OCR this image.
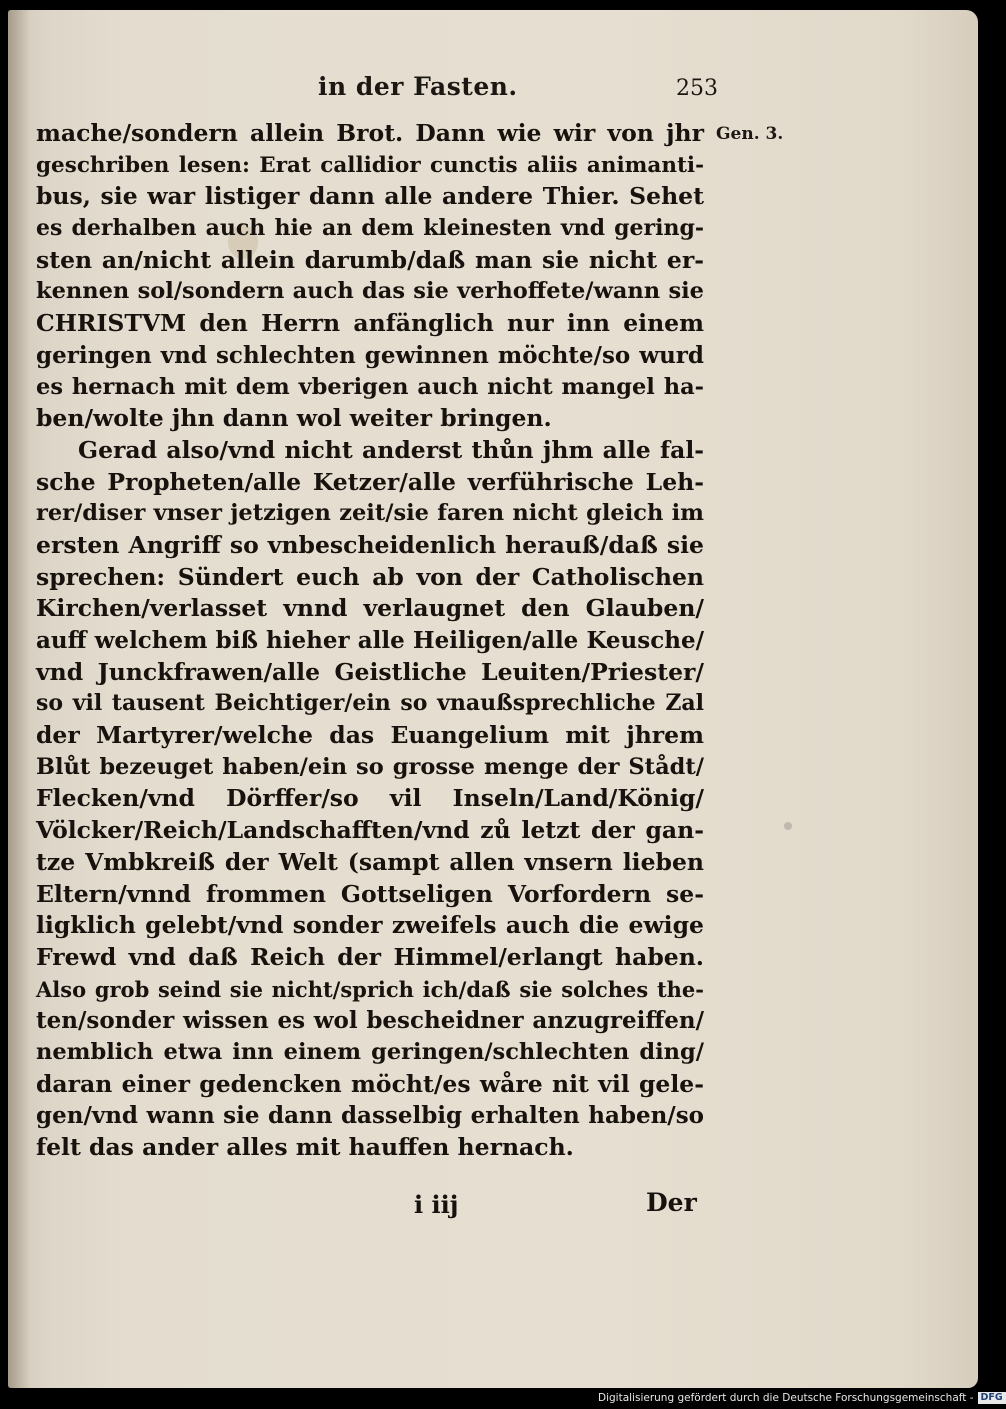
in der Fasten.	253
Gen. 3.
mache/sondern allein Brot. Dann wie wir von jhr
geschriben lesen: Erat callidior cunctis aliis animanti-
bus, sie war listiger dann alle andere Thier. Sehet
es derhalben auch hie an dem kleinesten vnd gering-
sten an/nicht allein darumb/daß man sie nicht er-
kennen sol/sondern auch das sie verhoffete/wann sie
CHRISTVM den Herrn anfänglich nur inn einem
geringen vnd schlechten gewinnen möchte/so wurd
es hernach mit dem vberigen auch nicht mangel ha-
ben/wolte jhn dann wol weiter bringen.
Gerad also/vnd nicht anderst thůn jhm alle fal-
sche Propheten/alle Ketzer/alle verführische Leh-
rer/diser vnser jetzigen zeit/sie faren nicht gleich im
ersten Angriff so vnbescheidenlich herauß/daß sie
sprechen: Sündert euch ab von der Catholischen
Kirchen/verlasset vnnd verlaugnet den Glauben/
auff welchem biß hieher alle Heiligen/alle Keusche/
vnd Junckfrawen/alle Geistliche Leuiten/Priester/
so vil tausent Beichtiger/ein so vnaußsprechliche Zal
der Martyrer/welche das Euangelium mit jhrem
Blůt bezeuget haben/ein so grosse menge der Stådt/
Flecken/vnd Dörffer/so vil Inseln/Land/König/
Völcker/Reich/Landschafften/vnd zů letzt der gan-
tze Vmbkreiß der Welt (sampt allen vnsern lieben
Eltern/vnnd frommen Gottseligen Vorfordern se-
ligklich gelebt/vnd sonder zweifels auch die ewige
Frewd vnd daß Reich der Himmel/erlangt haben.
Also grob seind sie nicht/sprich ich/daß sie solches the-
ten/sonder wissen es wol bescheidner anzugreiffen/
nemblich etwa inn einem geringen/schlechten ding/
daran einer gedencken möcht/es wåre nit vil gele-
gen/vnd wann sie dann dasselbig erhalten haben/so
felt das ander alles mit hauffen hernach.
i iij	Der
Digitalisierung gefördert durch die Deutsche Forschungsgemeinschaft - DFG
